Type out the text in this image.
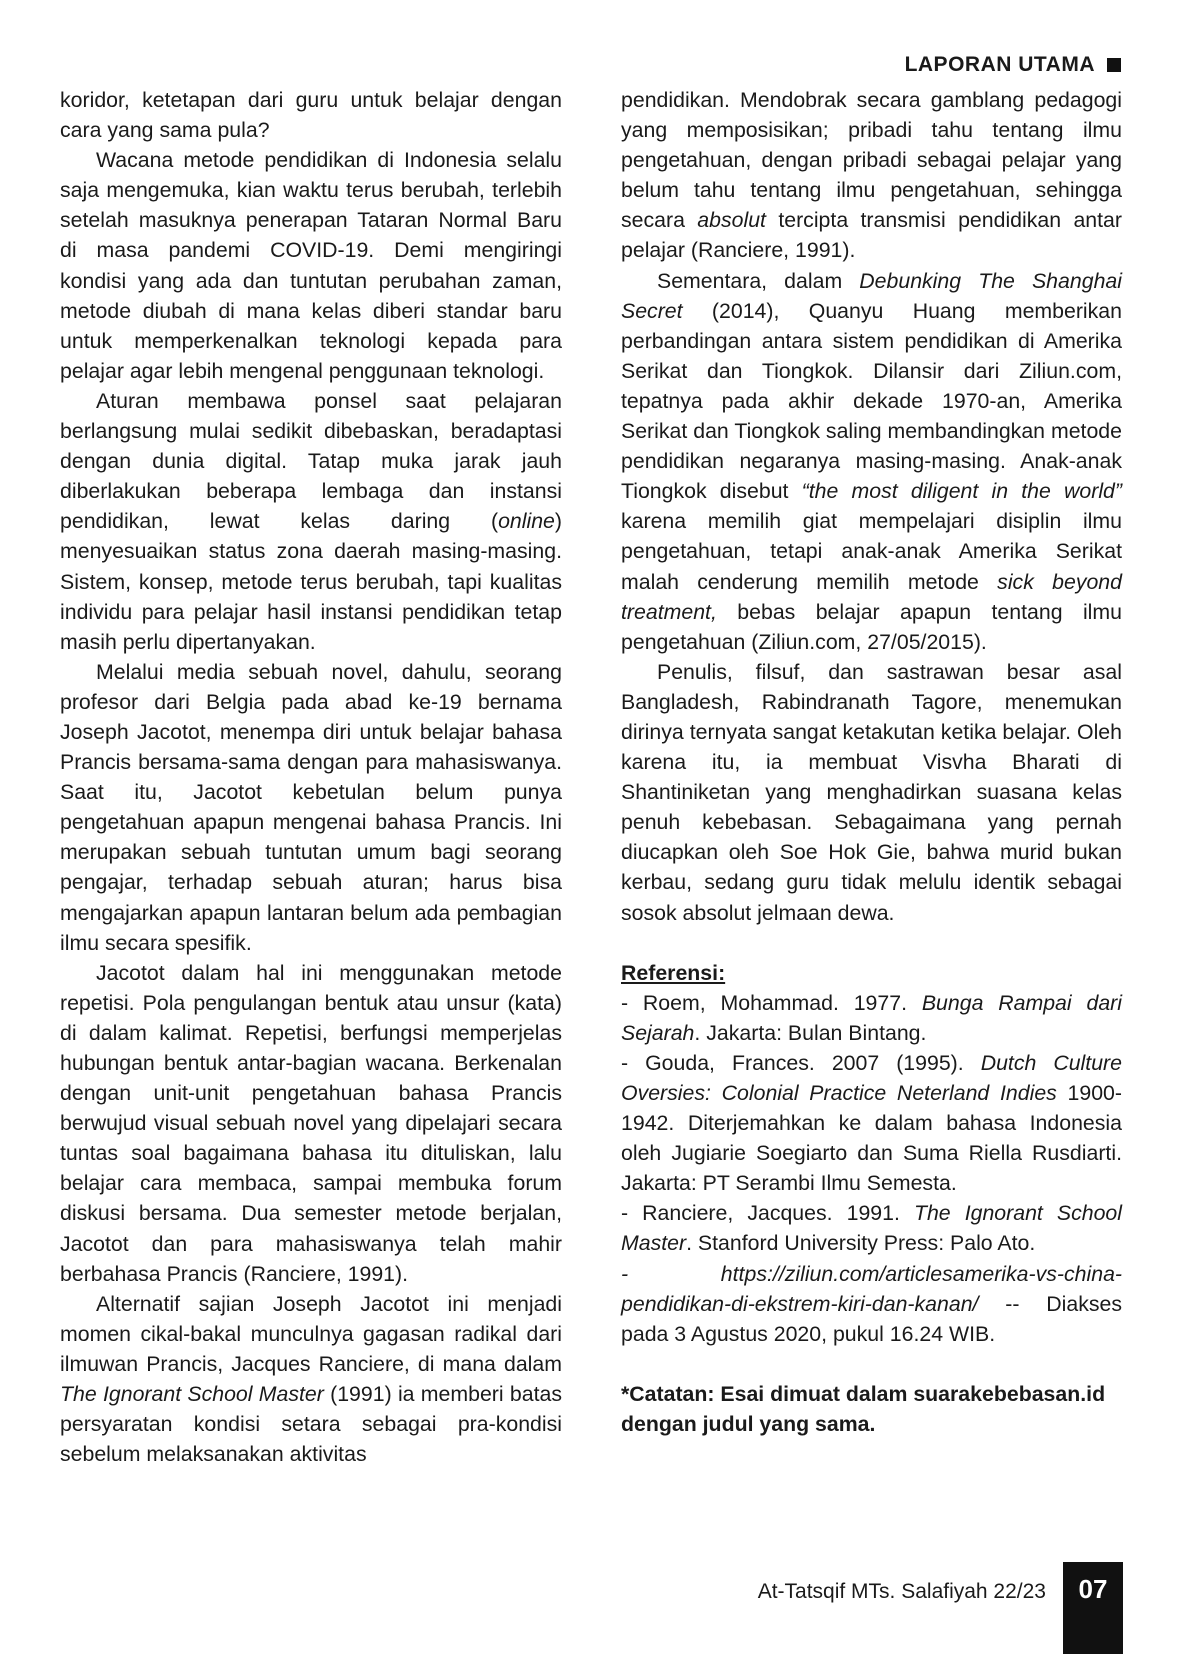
LAPORAN UTAMA

koridor, ketetapan dari guru untuk belajar dengan cara yang sama pula?

Wacana metode pendidikan di Indonesia selalu saja mengemuka, kian waktu terus berubah, terlebih setelah masuknya penerapan Tataran Normal Baru di masa pandemi COVID-19. Demi mengiringi kondisi yang ada dan tuntutan perubahan zaman, metode diubah di mana kelas diberi standar baru untuk memperkenalkan teknologi kepada para pelajar agar lebih mengenal penggunaan teknologi.

Aturan membawa ponsel saat pelajaran berlangsung mulai sedikit dibebaskan, beradaptasi dengan dunia digital. Tatap muka jarak jauh diberlakukan beberapa lembaga dan instansi pendidikan, lewat kelas daring (online) menyesuaikan status zona daerah masing-masing. Sistem, konsep, metode terus berubah, tapi kualitas individu para pelajar hasil instansi pendidikan tetap masih perlu dipertanyakan.

Melalui media sebuah novel, dahulu, seorang profesor dari Belgia pada abad ke-19 bernama Joseph Jacotot, menempa diri untuk belajar bahasa Prancis bersama-sama dengan para mahasiswanya. Saat itu, Jacotot kebetulan belum punya pengetahuan apapun mengenai bahasa Prancis. Ini merupakan sebuah tuntutan umum bagi seorang pengajar, terhadap sebuah aturan; harus bisa mengajarkan apapun lantaran belum ada pembagian ilmu secara spesifik.

Jacotot dalam hal ini menggunakan metode repetisi. Pola pengulangan bentuk atau unsur (kata) di dalam kalimat. Repetisi, berfungsi memperjelas hubungan bentuk antar-bagian wacana. Berkenalan dengan unit-unit pengetahuan bahasa Prancis berwujud visual sebuah novel yang dipelajari secara tuntas soal bagaimana bahasa itu dituliskan, lalu belajar cara membaca, sampai membuka forum diskusi bersama. Dua semester metode berjalan, Jacotot dan para mahasiswanya telah mahir berbahasa Prancis (Ranciere, 1991).

Alternatif sajian Joseph Jacotot ini menjadi momen cikal-bakal munculnya gagasan radikal dari ilmuwan Prancis, Jacques Ranciere, di mana dalam The Ignorant School Master (1991) ia memberi batas persyaratan kondisi setara sebagai pra-kondisi sebelum melaksanakan aktivitas

pendidikan. Mendobrak secara gamblang pedagogi yang memposisikan; pribadi tahu tentang ilmu pengetahuan, dengan pribadi sebagai pelajar yang belum tahu tentang ilmu pengetahuan, sehingga secara absolut tercipta transmisi pendidikan antar pelajar (Ranciere, 1991).

Sementara, dalam Debunking The Shanghai Secret (2014), Quanyu Huang memberikan perbandingan antara sistem pendidikan di Amerika Serikat dan Tiongkok. Dilansir dari Ziliun.com, tepatnya pada akhir dekade 1970-an, Amerika Serikat dan Tiongkok saling membandingkan metode pendidikan negaranya masing-masing. Anak-anak Tiongkok disebut “the most diligent in the world” karena memilih giat mempelajari disiplin ilmu pengetahuan, tetapi anak-anak Amerika Serikat malah cenderung memilih metode sick beyond treatment, bebas belajar apapun tentang ilmu pengetahuan (Ziliun.com, 27/05/2015).

Penulis, filsuf, dan sastrawan besar asal Bangladesh, Rabindranath Tagore, menemukan dirinya ternyata sangat ketakutan ketika belajar. Oleh karena itu, ia membuat Visvha Bharati di Shantiniketan yang menghadirkan suasana kelas penuh kebebasan. Sebagaimana yang pernah diucapkan oleh Soe Hok Gie, bahwa murid bukan kerbau, sedang guru tidak melulu identik sebagai sosok absolut jelmaan dewa.

Referensi:

- Roem, Mohammad. 1977. Bunga Rampai dari Sejarah. Jakarta: Bulan Bintang.

- Gouda, Frances. 2007 (1995). Dutch Culture Oversies: Colonial Practice Neterland Indies 1900-1942. Diterjemahkan ke dalam bahasa Indonesia oleh Jugiarie Soegiarto dan Suma Riella Rusdiarti. Jakarta: PT Serambi Ilmu Semesta.

- Ranciere, Jacques. 1991. The Ignorant School Master. Stanford University Press: Palo Ato.

- https://ziliun.com/articlesamerika-vs-china-pendidikan-di-ekstrem-kiri-dan-kanan/ -- Diakses pada 3 Agustus 2020, pukul 16.24 WIB.

*Catatan: Esai dimuat dalam suarakebebasan.id dengan judul yang sama.

At-Tatsqif MTs. Salafiyah 22/23	07
